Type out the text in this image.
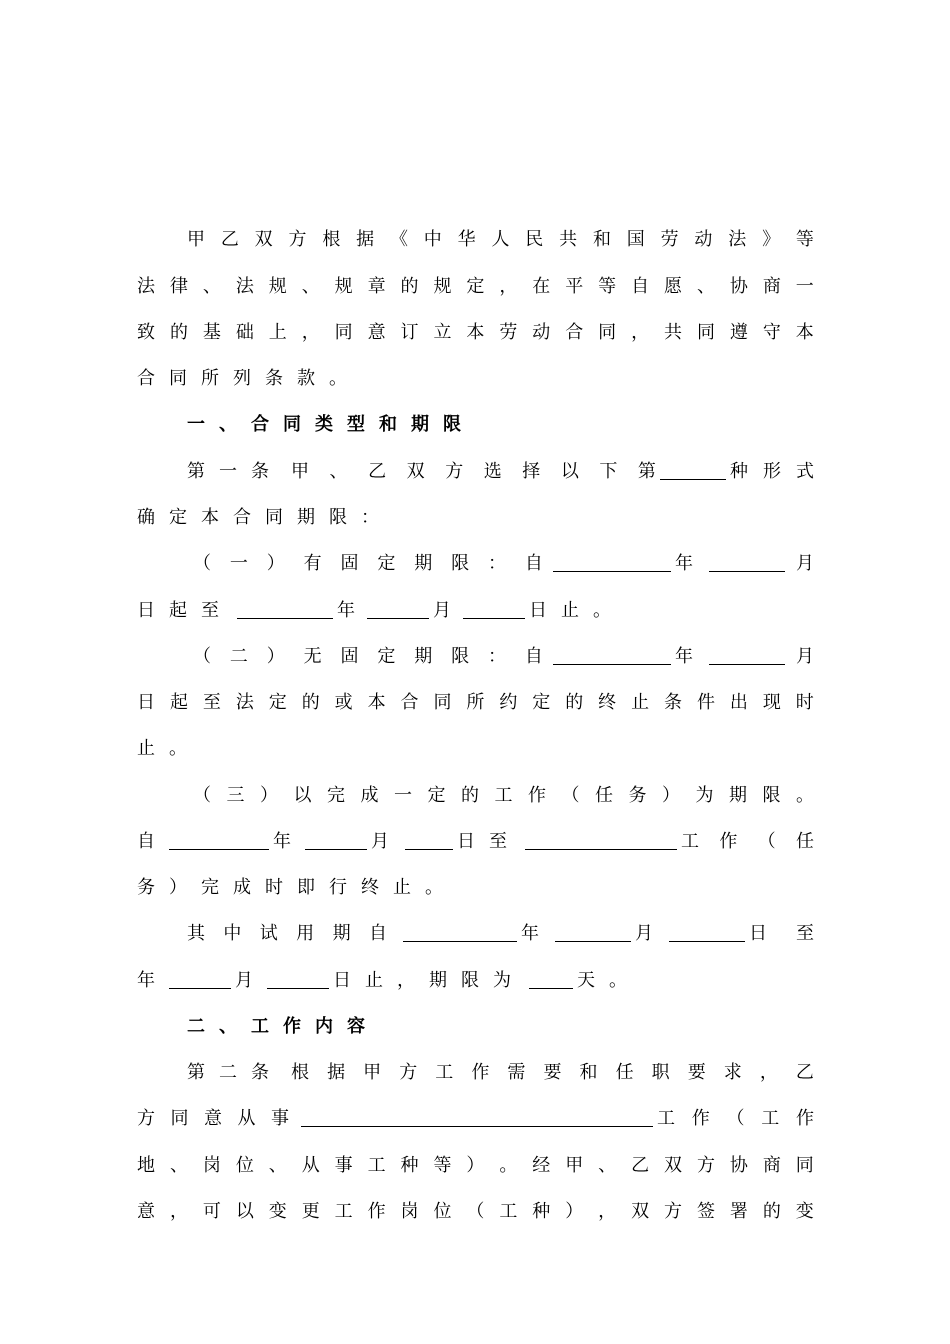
甲 乙 双 方 根 据 《 中 华 人 民 共 和 国 劳 动 法 》 等
法 律 、 法 规 、 规 章 的 规 定 ， 在 平 等 自 愿 、 协 商 一
致 的 基 础 上 ， 同 意 订 立 本 劳 动 合 同 ， 共 同 遵 守 本
合同所列条款。
一 、 合 同 类 型 和 期 限
第一条 甲 、 乙 双 方 选 择 以 下 第	种 形 式
确定本合同期限：
（ 一 ） 有 固 定 期 限 ： 自	年	月
日起至	年	月	日止。
（ 二 ） 无 固 定 期 限 ： 自	年	月
日 起 至 法 定 的 或 本 合 同 所 约 定 的 终 止 条 件 出 现 时
止。
（ 三 ） 以 完 成 一 定 的 工 作 （ 任 务 ） 为 期 限 。
自	年	月	日至	工 作 （ 任
务）完成时即行终止。
其 中 试 用 期 自	年	月	日 至
年	月	日止，期限为	天。
二 、 工 作 内 容
第二条 根 据 甲 方 工 作 需 要 和 任 职 要 求 ， 乙
方 同 意 从 事	工 作 （ 工 作
地 、 岗 位 、 从 事 工 种 等 ） 。 经 甲 、 乙 双 方 协 商 同
意 ， 可 以 变 更 工 作 岗 位 （ 工 种 ） ， 双 方 签 署 的 变
